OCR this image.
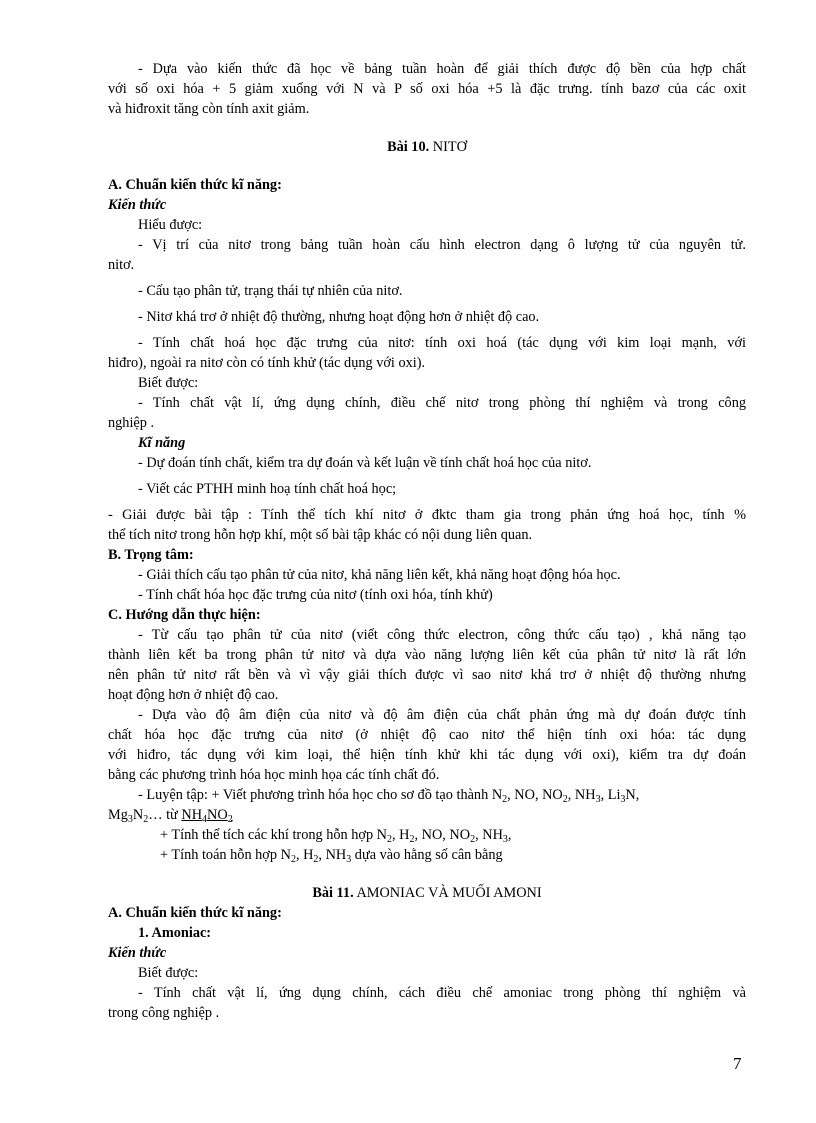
- Dựa vào kiến thức đã học về bảng tuần hoàn để giải thích được độ bền của hợp chất

với số oxi hóa + 5 giảm xuống với N và P số oxi hóa +5 là đặc trưng. tính bazơ của các oxit

và hiđroxit tăng còn tính axit giảm.

Bài 10. NITƠ

A. Chuẩn kiến thức kĩ năng:

Kiến thức

Hiểu được:

- Vị trí của nitơ trong bảng tuần hoàn cấu hình electron dạng ô lượng tử của nguyên tử.

nitơ.

- Cấu tạo phân tử, trạng thái tự nhiên của nitơ.

- Nitơ khá trơ ở nhiệt độ thường, nhưng hoạt động hơn ở nhiệt độ cao.

- Tính chất hoá học đặc trưng của nitơ: tính oxi hoá (tác dụng với kim loại mạnh, với

hiđro), ngoài ra nitơ còn có tính khử (tác dụng với oxi).

Biết được:

- Tính chất vật lí, ứng dụng chính, điều chế nitơ trong phòng thí nghiệm và trong công

nghiệp .

Kĩ năng

- Dự đoán tính chất, kiểm tra dự đoán và kết luận về tính chất hoá học của nitơ.

- Viết các PTHH minh hoạ tính chất hoá học;

- Giải được bài tập : Tính thể tích khí nitơ ở đktc tham gia trong phản ứng hoá học, tính %

thể tích nitơ trong hỗn hợp khí, một số bài tập khác có nội dung liên quan.

B. Trọng tâm:

- Giải thích cấu tạo phân tử của nitơ, khả năng liên kết, khả năng hoạt động hóa học.

- Tính chất hóa học đặc trưng của nitơ (tính oxi hóa, tính khử)

C. Hướng dẫn thực hiện:

- Từ cấu tạo phân tử của nitơ (viết công thức electron, công thức cấu tạo) , khả năng tạo

thành liên kết ba trong phân tử nitơ và dựa vào năng lượng liên kết của phân tử nitơ là rất lớn

nên phân tử nitơ rất bền và vì vậy giải thích được vì sao nitơ khá trơ ở nhiệt độ thường nhưng

hoạt động hơn ở nhiệt độ cao.

- Dựa vào độ âm điện của nitơ và độ âm điện của chất phản ứng mà dự đoán được tính

chất hóa học đặc trưng của nitơ (ở nhiệt độ cao nitơ thể hiện tính oxi hóa: tác dụng

với hiđro, tác dụng với kim loại, thể hiện tính khử khi tác dụng với oxi), kiểm tra dự đoán

bằng các phương trình hóa học minh họa các tính chất đó.

- Luyện tập: + Viết phương trình hóa học cho sơ đồ tạo thành $N_2$, NO, $NO_2$, $NH_3$, $Li_3N$,

$Mg_3N_2\dots$ từ $NH_4NO_2$

+ Tính thể tích các khí trong hỗn hợp $N_2$, $H_2$, NO, $NO_2$, $NH_3$,

+ Tính toán hỗn hợp $N_2$, $H_2$, $NH_3$ dựa vào hằng số cân bằng

Bài 11. AMONIAC VÀ MUỐI AMONI

A. Chuẩn kiến thức kĩ năng:

1. Amoniac:

Kiến thức

Biết được:

- Tính chất vật lí, ứng dụng chính, cách điều chế amoniac trong phòng thí nghiệm và

trong công nghiệp .

7
